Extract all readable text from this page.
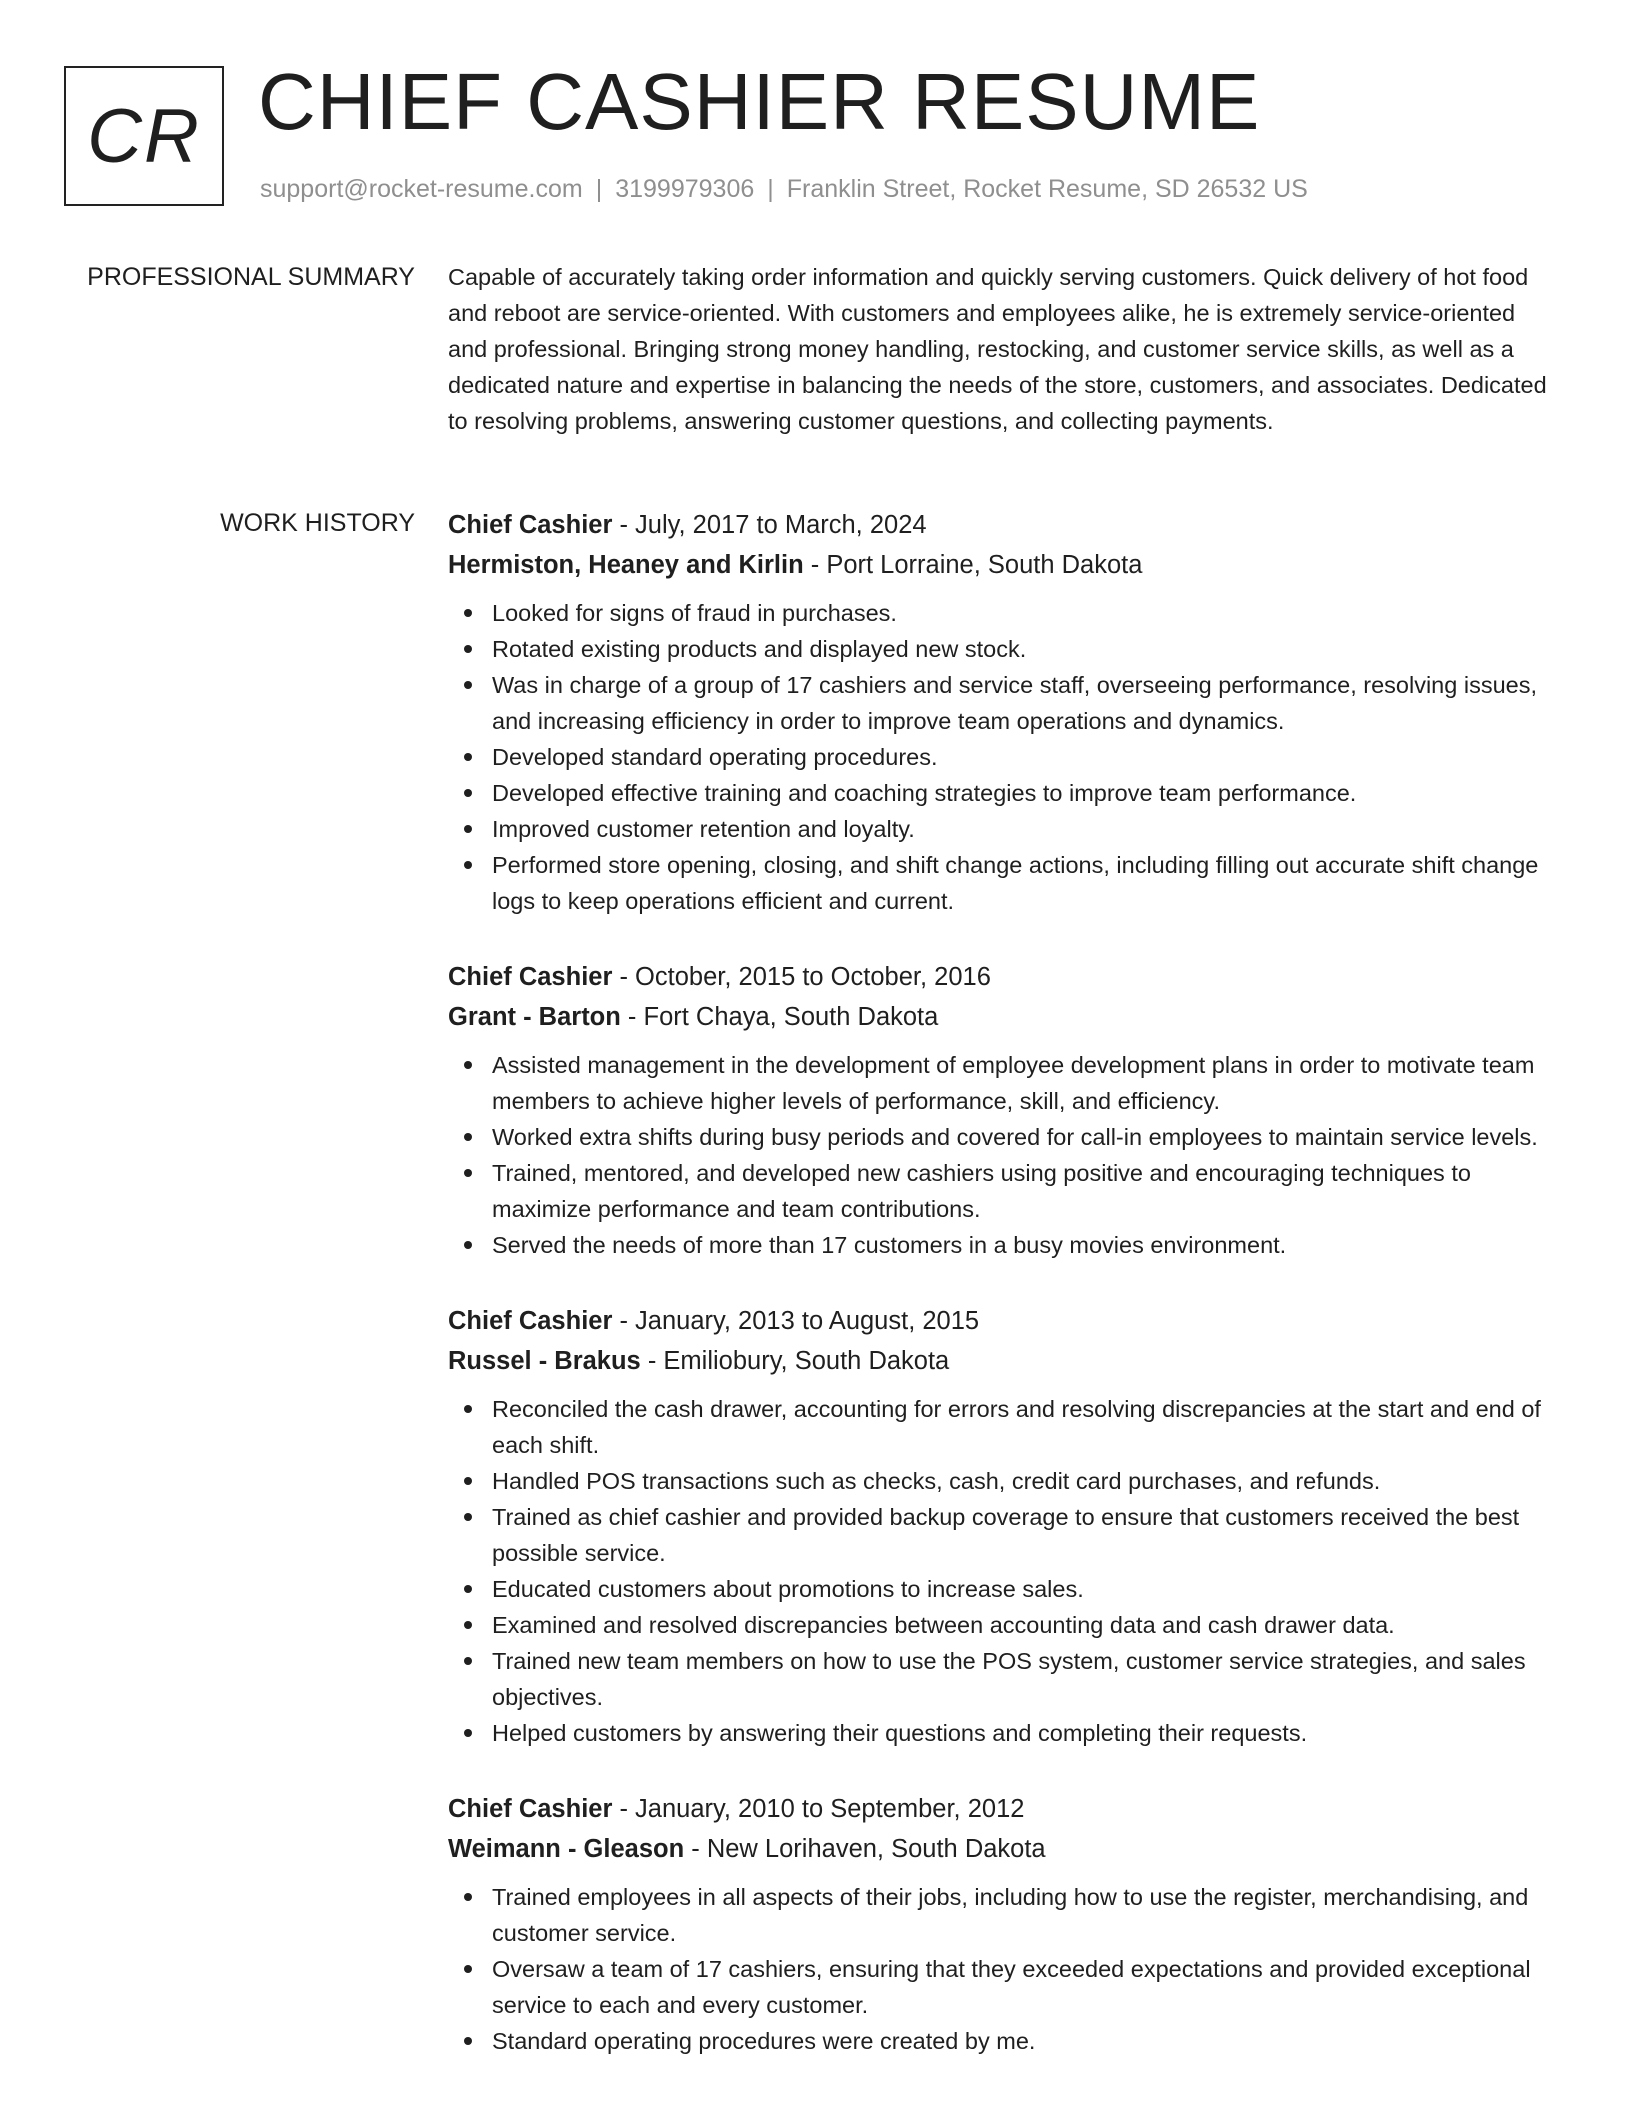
CR CHIEF CASHIER RESUME
support@rocket-resume.com | 3199979306 | Franklin Street, Rocket Resume, SD 26532 US
PROFESSIONAL SUMMARY Capable of accurately taking order information and quickly serving customers. Quick delivery of hot food and reboot are service-oriented. With customers and employees alike, he is extremely service-oriented and professional. Bringing strong money handling, restocking, and customer service skills, as well as a dedicated nature and expertise in balancing the needs of the store, customers, and associates. Dedicated to resolving problems, answering customer questions, and collecting payments.

WORK HISTORY Chief Cashier - July, 2017 to March, 2024
Hermiston, Heaney and Kirlin - Port Lorraine, South Dakota
Looked for signs of fraud in purchases.
Rotated existing products and displayed new stock.
Was in charge of a group of 17 cashiers and service staff, overseeing performance, resolving issues, and increasing efficiency in order to improve team operations and dynamics.
Developed standard operating procedures.
Developed effective training and coaching strategies to improve team performance.
Improved customer retention and loyalty.
Performed store opening, closing, and shift change actions, including filling out accurate shift change logs to keep operations efficient and current.
Chief Cashier - October, 2015 to October, 2016
Grant - Barton - Fort Chaya, South Dakota
Assisted management in the development of employee development plans in order to motivate team members to achieve higher levels of performance, skill, and efficiency.
Worked extra shifts during busy periods and covered for call-in employees to maintain service levels.
Trained, mentored, and developed new cashiers using positive and encouraging techniques to maximize performance and team contributions.
Served the needs of more than 17 customers in a busy movies environment.
Chief Cashier - January, 2013 to August, 2015
Russel - Brakus - Emiliobury, South Dakota
Reconciled the cash drawer, accounting for errors and resolving discrepancies at the start and end of each shift.
Handled POS transactions such as checks, cash, credit card purchases, and refunds.
Trained as chief cashier and provided backup coverage to ensure that customers received the best possible service.
Educated customers about promotions to increase sales.
Examined and resolved discrepancies between accounting data and cash drawer data.
Trained new team members on how to use the POS system, customer service strategies, and sales objectives.
Helped customers by answering their questions and completing their requests.
Chief Cashier - January, 2010 to September, 2012
Weimann - Gleason - New Lorihaven, South Dakota
Trained employees in all aspects of their jobs, including how to use the register, merchandising, and customer service.
Oversaw a team of 17 cashiers, ensuring that they exceeded expectations and provided exceptional service to each and every customer.
Standard operating procedures were created by me.
